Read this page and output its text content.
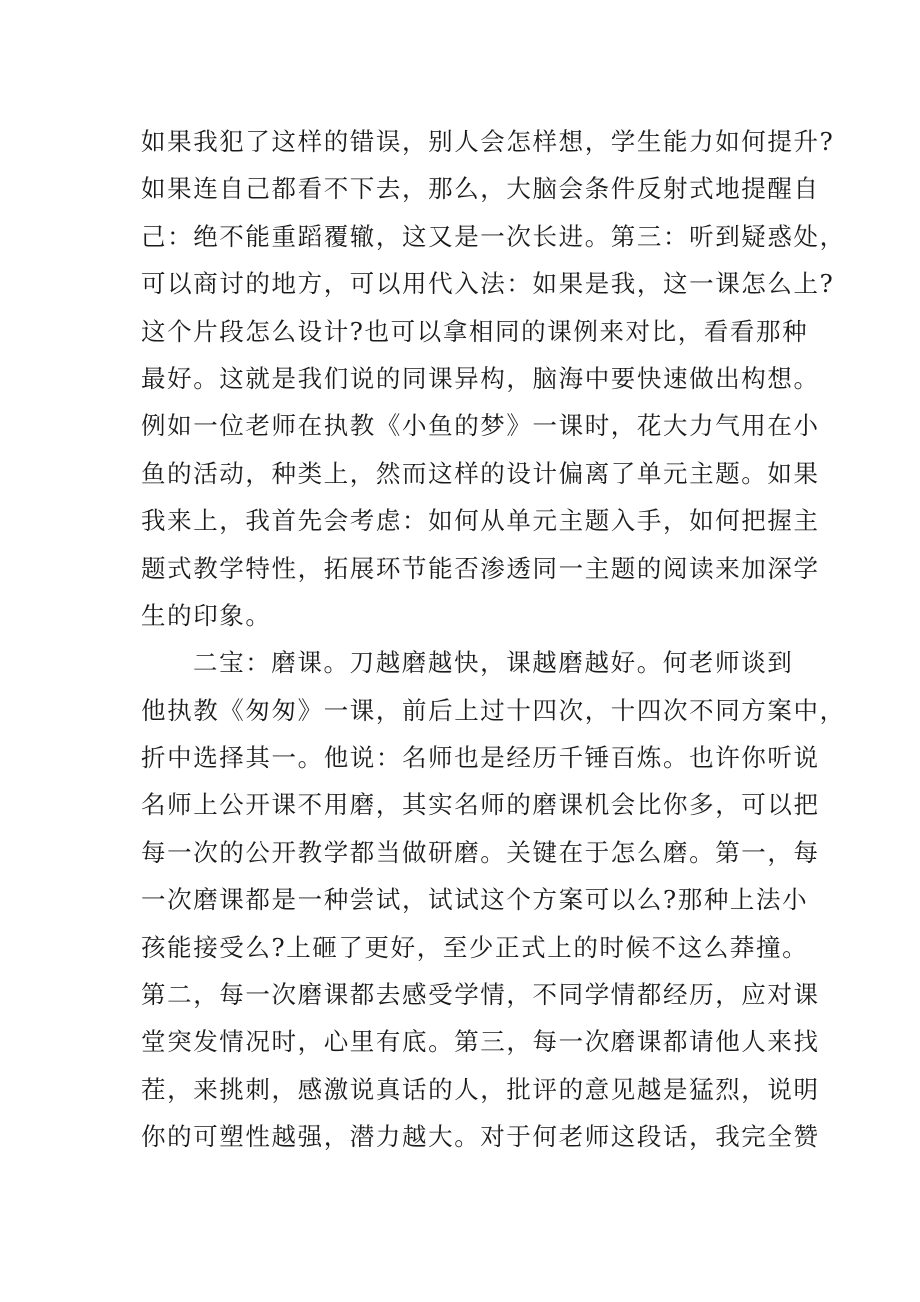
如果我犯了这样的错误，别人会怎样想，学生能力如何提升?
如果连自己都看不下去，那么，大脑会条件反射式地提醒自
己：绝不能重蹈覆辙，这又是一次长进。第三：听到疑惑处，
可以商讨的地方，可以用代入法：如果是我，这一课怎么上?
这个片段怎么设计?也可以拿相同的课例来对比，看看那种
最好。这就是我们说的同课异构，脑海中要快速做出构想。
例如一位老师在执教《小鱼的梦》一课时，花大力气用在小
鱼的活动，种类上，然而这样的设计偏离了单元主题。如果
我来上，我首先会考虑：如何从单元主题入手，如何把握主
题式教学特性，拓展环节能否渗透同一主题的阅读来加深学
生的印象。
二宝：磨课。刀越磨越快，课越磨越好。何老师谈到
他执教《匆匆》一课，前后上过十四次，十四次不同方案中，
折中选择其一。他说：名师也是经历千锤百炼。也许你听说
名师上公开课不用磨，其实名师的磨课机会比你多，可以把
每一次的公开教学都当做研磨。关键在于怎么磨。第一，每
一次磨课都是一种尝试，试试这个方案可以么?那种上法小
孩能接受么?上砸了更好，至少正式上的时候不这么莽撞。
第二，每一次磨课都去感受学情，不同学情都经历，应对课
堂突发情况时，心里有底。第三，每一次磨课都请他人来找
茬，来挑刺，感激说真话的人，批评的意见越是猛烈，说明
你的可塑性越强，潜力越大。对于何老师这段话，我完全赞
